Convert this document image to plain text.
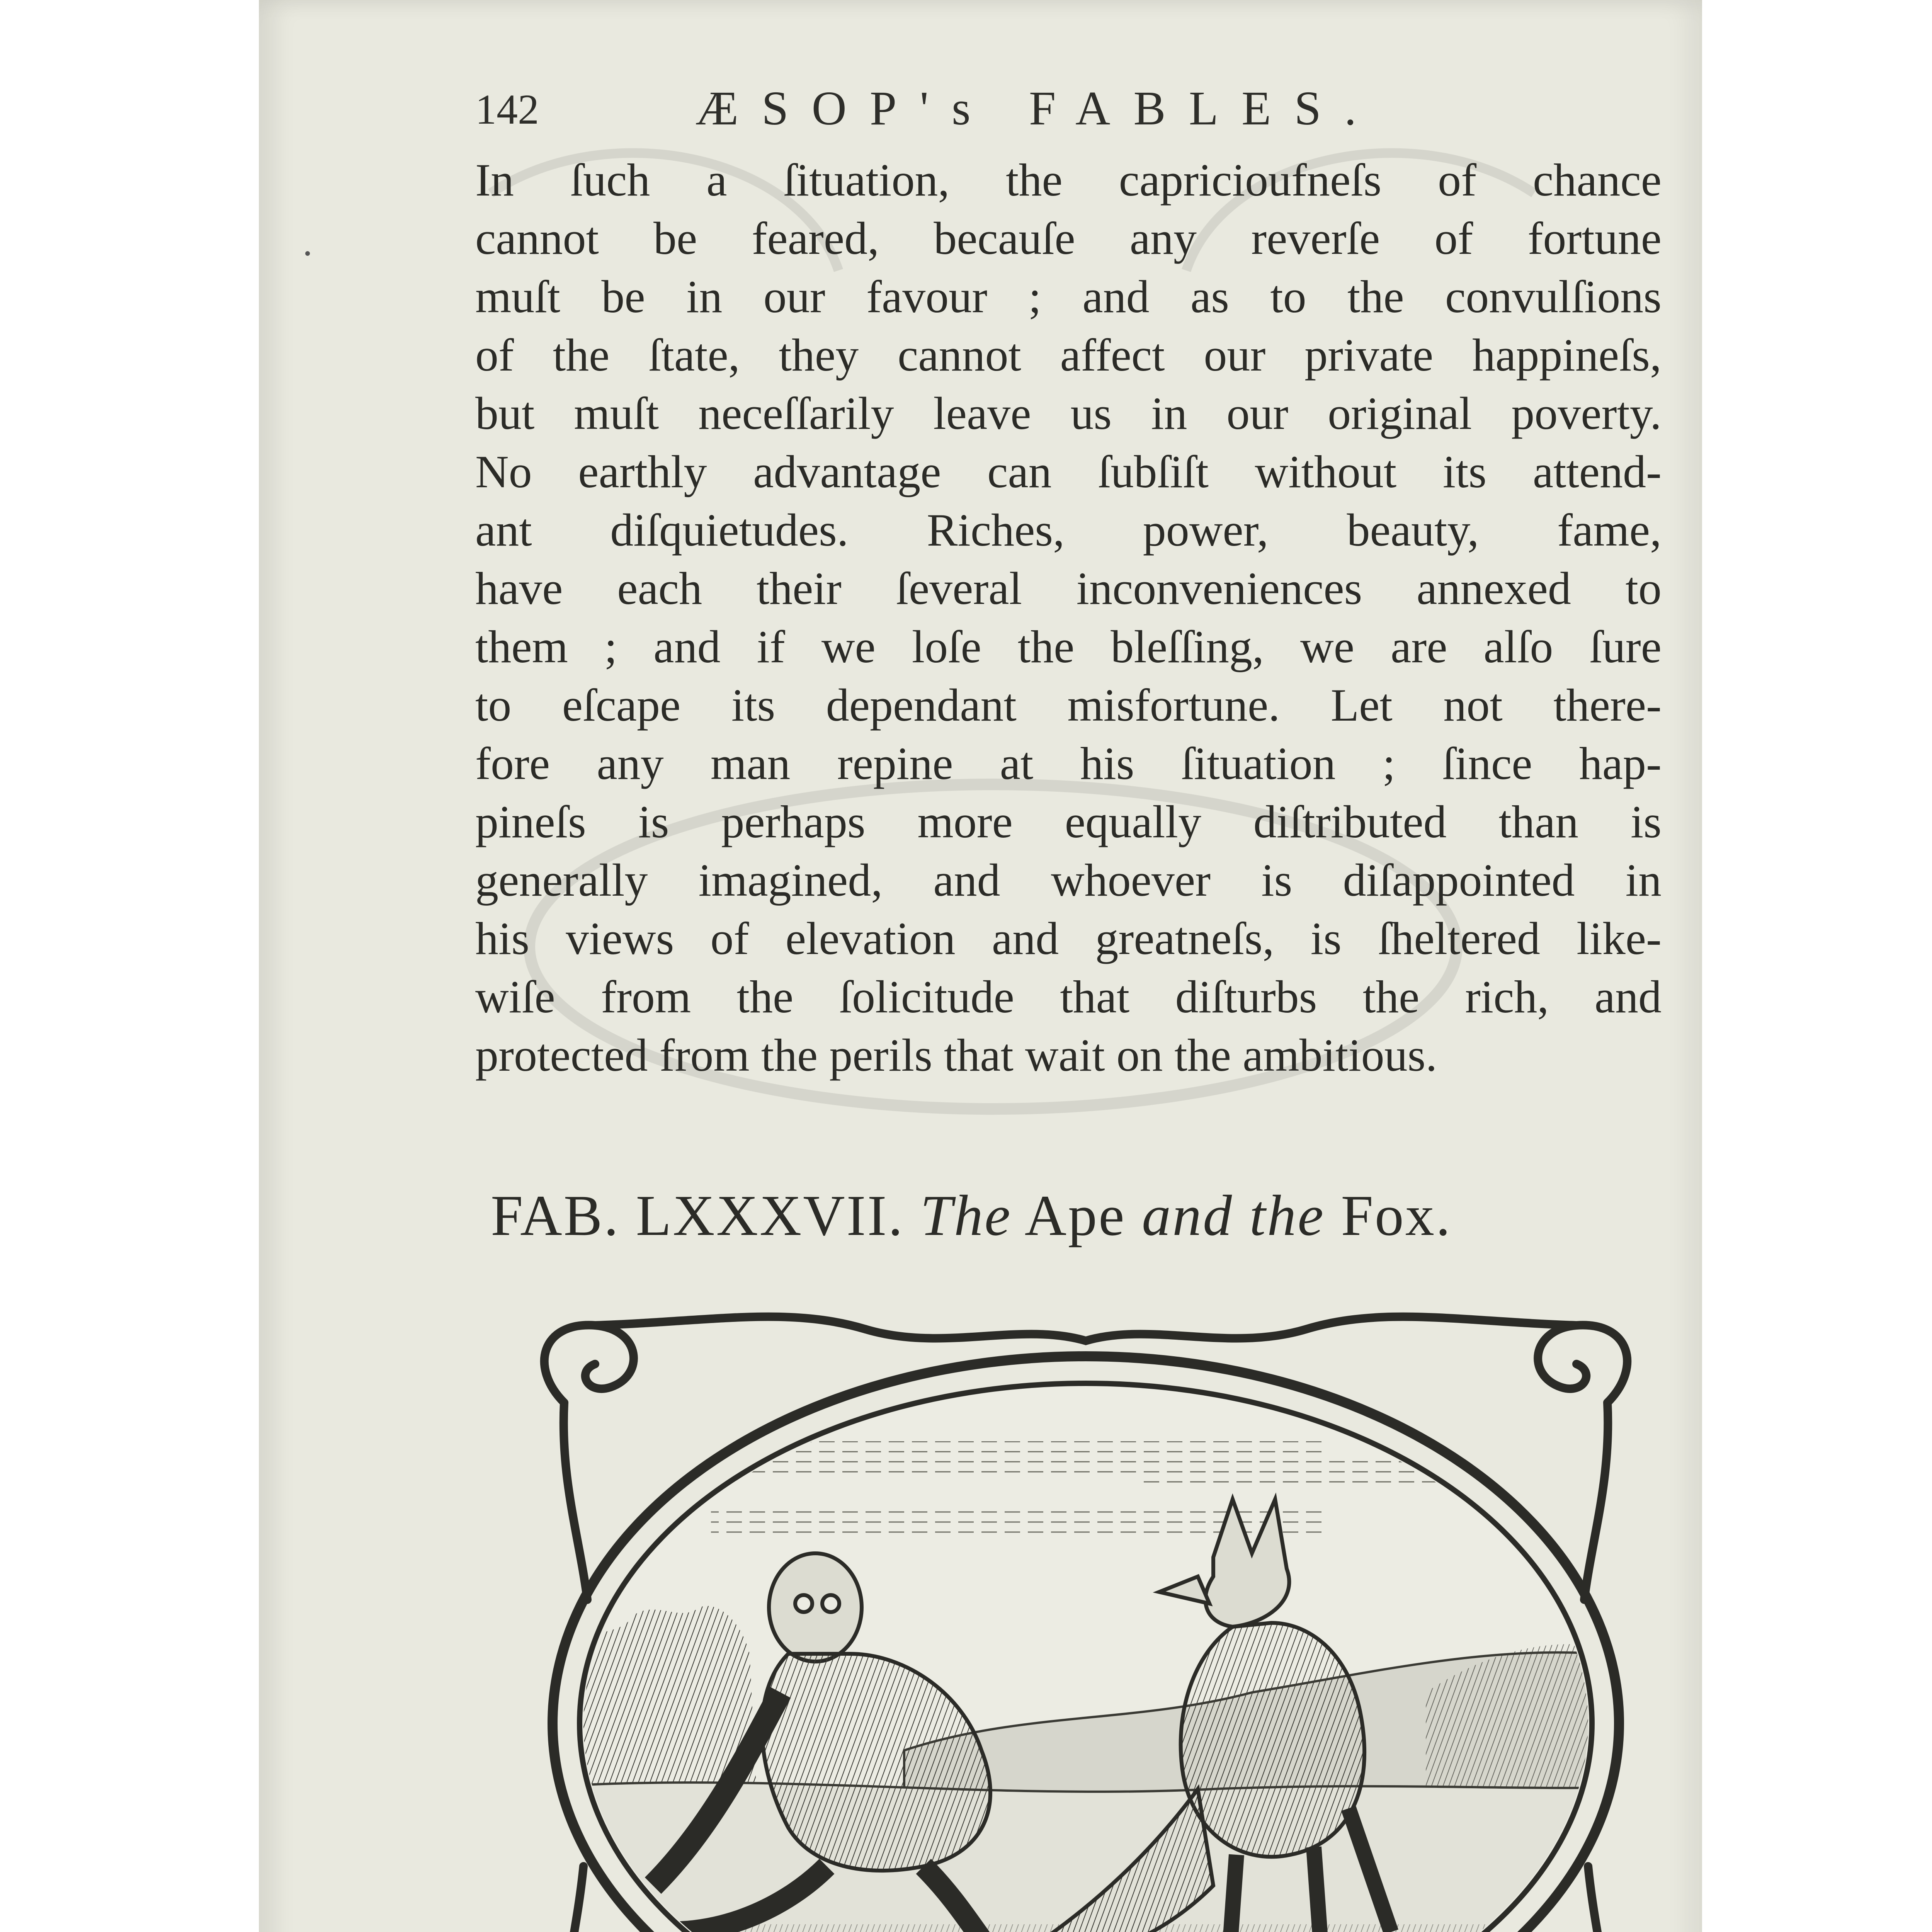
142	ÆSOP's FABLES.
In ſuch a ſituation, the capricioufneſs of chance
cannot be feared, becauſe any reverſe of fortune
muſt be in our favour ; and as to the convulſions
of the ſtate, they cannot affect our private happineſs,
but muſt neceſſarily leave us in our original poverty.
No earthly advantage can ſubſiſt without its attend-
ant diſquietudes. Riches, power, beauty, fame,
have each their ſeveral inconveniences annexed to
them ; and if we loſe the bleſſing, we are alſo ſure
to eſcape its dependant misfortune. Let not there-
fore any man repine at his ſituation ; ſince hap-
pineſs is perhaps more equally diſtributed than is
generally imagined, and whoever is diſappointed in
his views of elevation and greatneſs, is ſheltered like-
wiſe from the ſolicitude that diſturbs the rich, and
protected from the perils that wait on the ambitious.
FAB. LXXXVII. The Ape and the Fox.
